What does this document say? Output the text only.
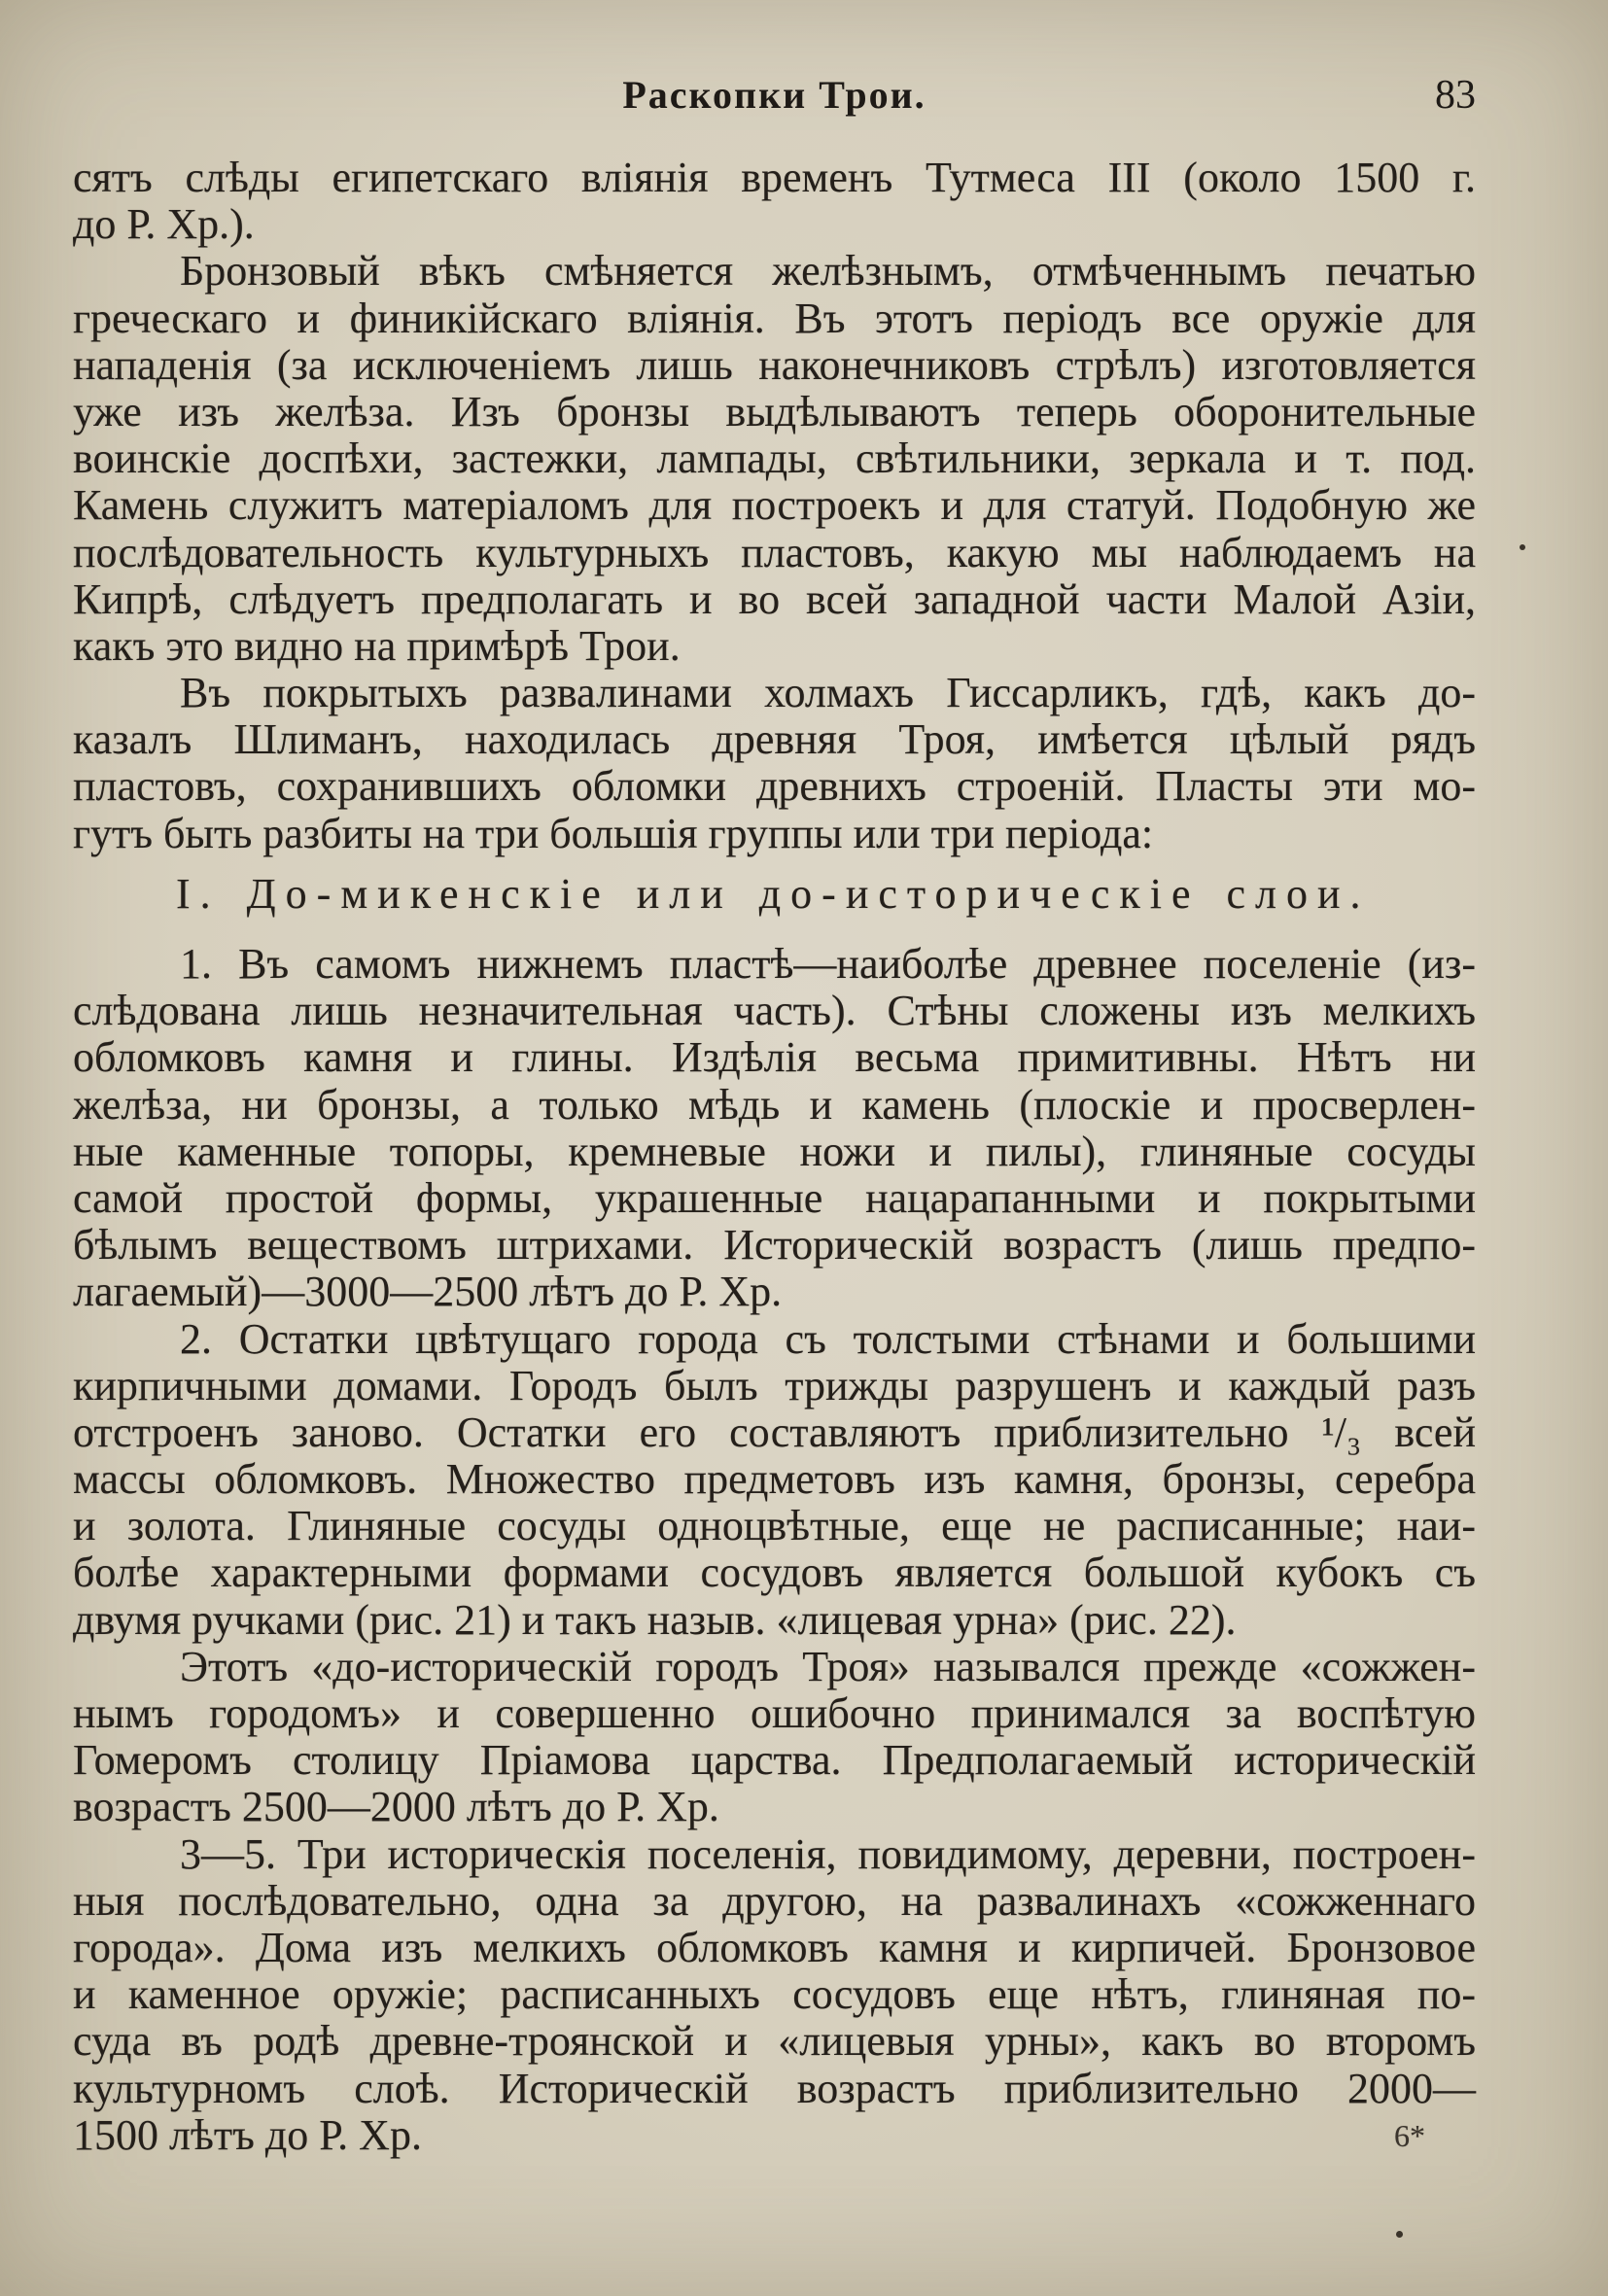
Раскопки Трои.	83
сятъ слѣды египетскаго вліянія временъ Тутмеса III (около 1500 г.
до Р. Хр.).
Бронзовый вѣкъ смѣняется желѣзнымъ, отмѣченнымъ печатью
греческаго и финикійскаго вліянія. Въ этотъ періодъ все оружіе для
нападенія (за исключеніемъ лишь наконечниковъ стрѣлъ) изготовляется
уже изъ желѣза. Изъ бронзы выдѣлываютъ теперь оборонительные
воинскіе доспѣхи, застежки, лампады, свѣтильники, зеркала и т. под.
Камень служитъ матеріаломъ для построекъ и для статуй. Подобную же
послѣдовательность культурныхъ пластовъ, какую мы наблюдаемъ на
Кипрѣ, слѣдуетъ предполагать и во всей западной части Малой Азіи,
какъ это видно на примѣрѣ Трои.
Въ покрытыхъ развалинами холмахъ Гиссарликъ, гдѣ, какъ до-
казалъ Шлиманъ, находилась древняя Троя, имѣется цѣлый рядъ
пластовъ, сохранившихъ обломки древнихъ строеній. Пласты эти мо-
гутъ быть разбиты на три большія группы или три періода:
I. До-микенскіе или до-историческіе слои.
1. Въ самомъ нижнемъ пластѣ—наиболѣе древнее поселеніе (из-
слѣдована лишь незначительная часть). Стѣны сложены изъ мелкихъ
обломковъ камня и глины. Издѣлія весьма примитивны. Нѣтъ ни
желѣза, ни бронзы, а только мѣдь и камень (плоскіе и просверлен-
ные каменные топоры, кремневые ножи и пилы), глиняные сосуды
самой простой формы, украшенные нацарапанными и покрытыми
бѣлымъ веществомъ штрихами. Историческій возрастъ (лишь предпо-
лагаемый)—3000—2500 лѣтъ до Р. Хр.
2. Остатки цвѣтущаго города съ толстыми стѣнами и большими
кирпичными домами. Городъ былъ трижды разрушенъ и каждый разъ
отстроенъ заново. Остатки его составляютъ приблизительно ¹/₃ всей
массы обломковъ. Множество предметовъ изъ камня, бронзы, серебра
и золота. Глиняные сосуды одноцвѣтные, еще не расписанные; наи-
болѣе характерными формами сосудовъ является большой кубокъ съ
двумя ручками (рис. 21) и такъ назыв. «лицевая урна» (рис. 22).
Этотъ «до-историческій городъ Троя» назывался прежде «сожжен-
нымъ городомъ» и совершенно ошибочно принимался за воспѣтую
Гомеромъ столицу Пріамова царства. Предполагаемый историческій
возрастъ 2500—2000 лѣтъ до Р. Хр.
3—5. Три историческія поселенія, повидимому, деревни, построен-
ныя послѣдовательно, одна за другою, на развалинахъ «сожженнаго
города». Дома изъ мелкихъ обломковъ камня и кирпичей. Бронзовое
и каменное оружіе; расписанныхъ сосудовъ еще нѣтъ, глиняная по-
суда въ родѣ древне-троянской и «лицевыя урны», какъ во второмъ
культурномъ слоѣ. Историческій возрастъ приблизительно 2000—
1500 лѣтъ до Р. Хр.	6*
